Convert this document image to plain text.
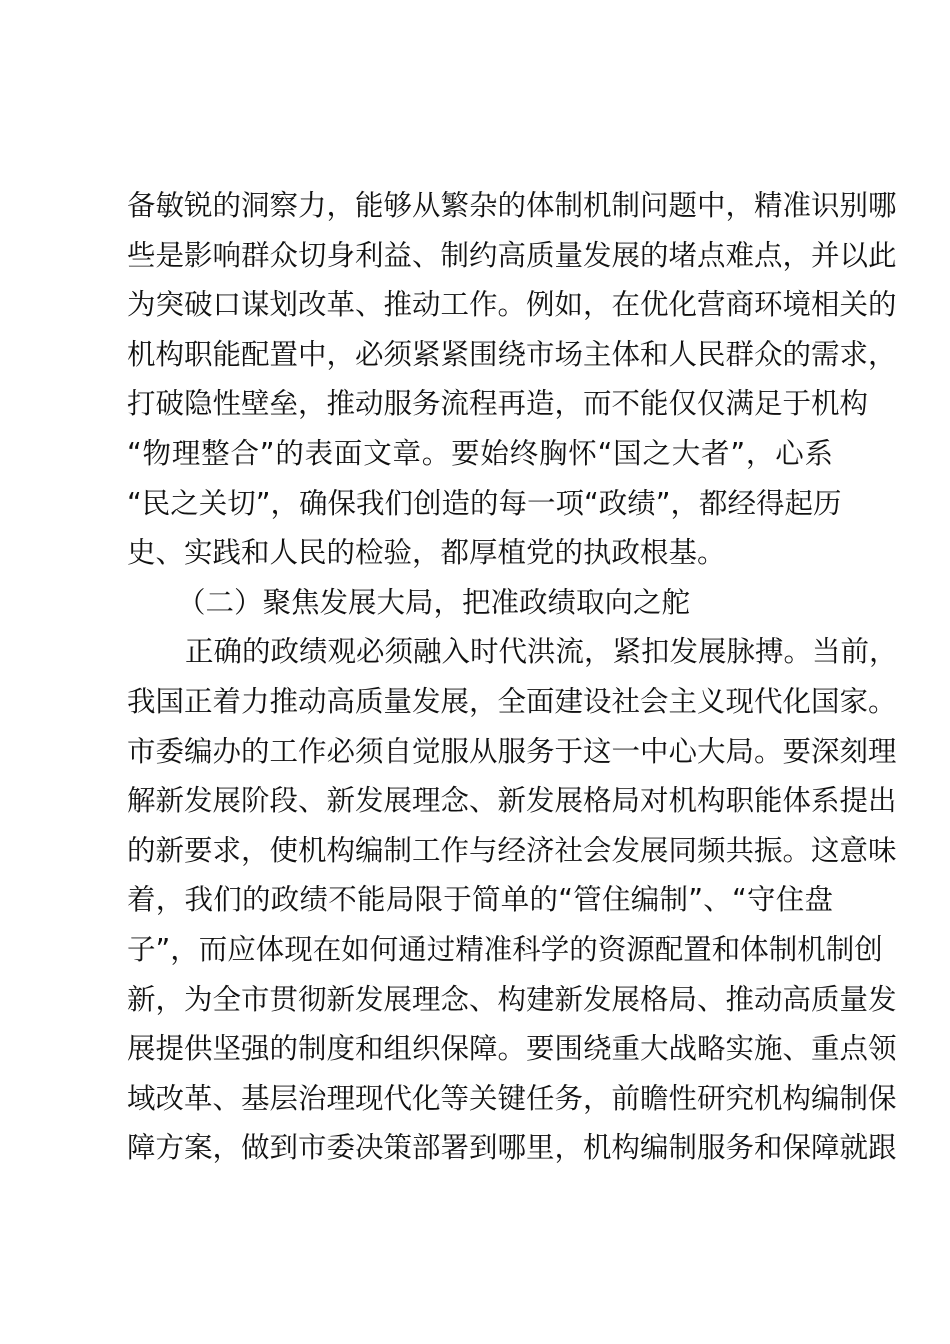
备敏锐的洞察力，能够从繁杂的体制机制问题中，精准识别哪
些是影响群众切身利益、制约高质量发展的堵点难点，并以此
为突破口谋划改革、推动工作。例如，在优化营商环境相关的
机构职能配置中，必须紧紧围绕市场主体和人民群众的需求，
打破隐性壁垒，推动服务流程再造，而不能仅仅满足于机构
“物理整合”的表面文章。要始终胸怀“国之大者”，心系
“民之关切”，确保我们创造的每一项“政绩”，都经得起历
史、实践和人民的检验，都厚植党的执政根基。
（二）聚焦发展大局，把准政绩取向之舵
正确的政绩观必须融入时代洪流，紧扣发展脉搏。当前，
我国正着力推动高质量发展，全面建设社会主义现代化国家。
市委编办的工作必须自觉服从服务于这一中心大局。要深刻理
解新发展阶段、新发展理念、新发展格局对机构职能体系提出
的新要求，使机构编制工作与经济社会发展同频共振。这意味
着，我们的政绩不能局限于简单的“管住编制”、“守住盘
子”，而应体现在如何通过精准科学的资源配置和体制机制创
新，为全市贯彻新发展理念、构建新发展格局、推动高质量发
展提供坚强的制度和组织保障。要围绕重大战略实施、重点领
域改革、基层治理现代化等关键任务，前瞻性研究机构编制保
障方案，做到市委决策部署到哪里，机构编制服务和保障就跟
